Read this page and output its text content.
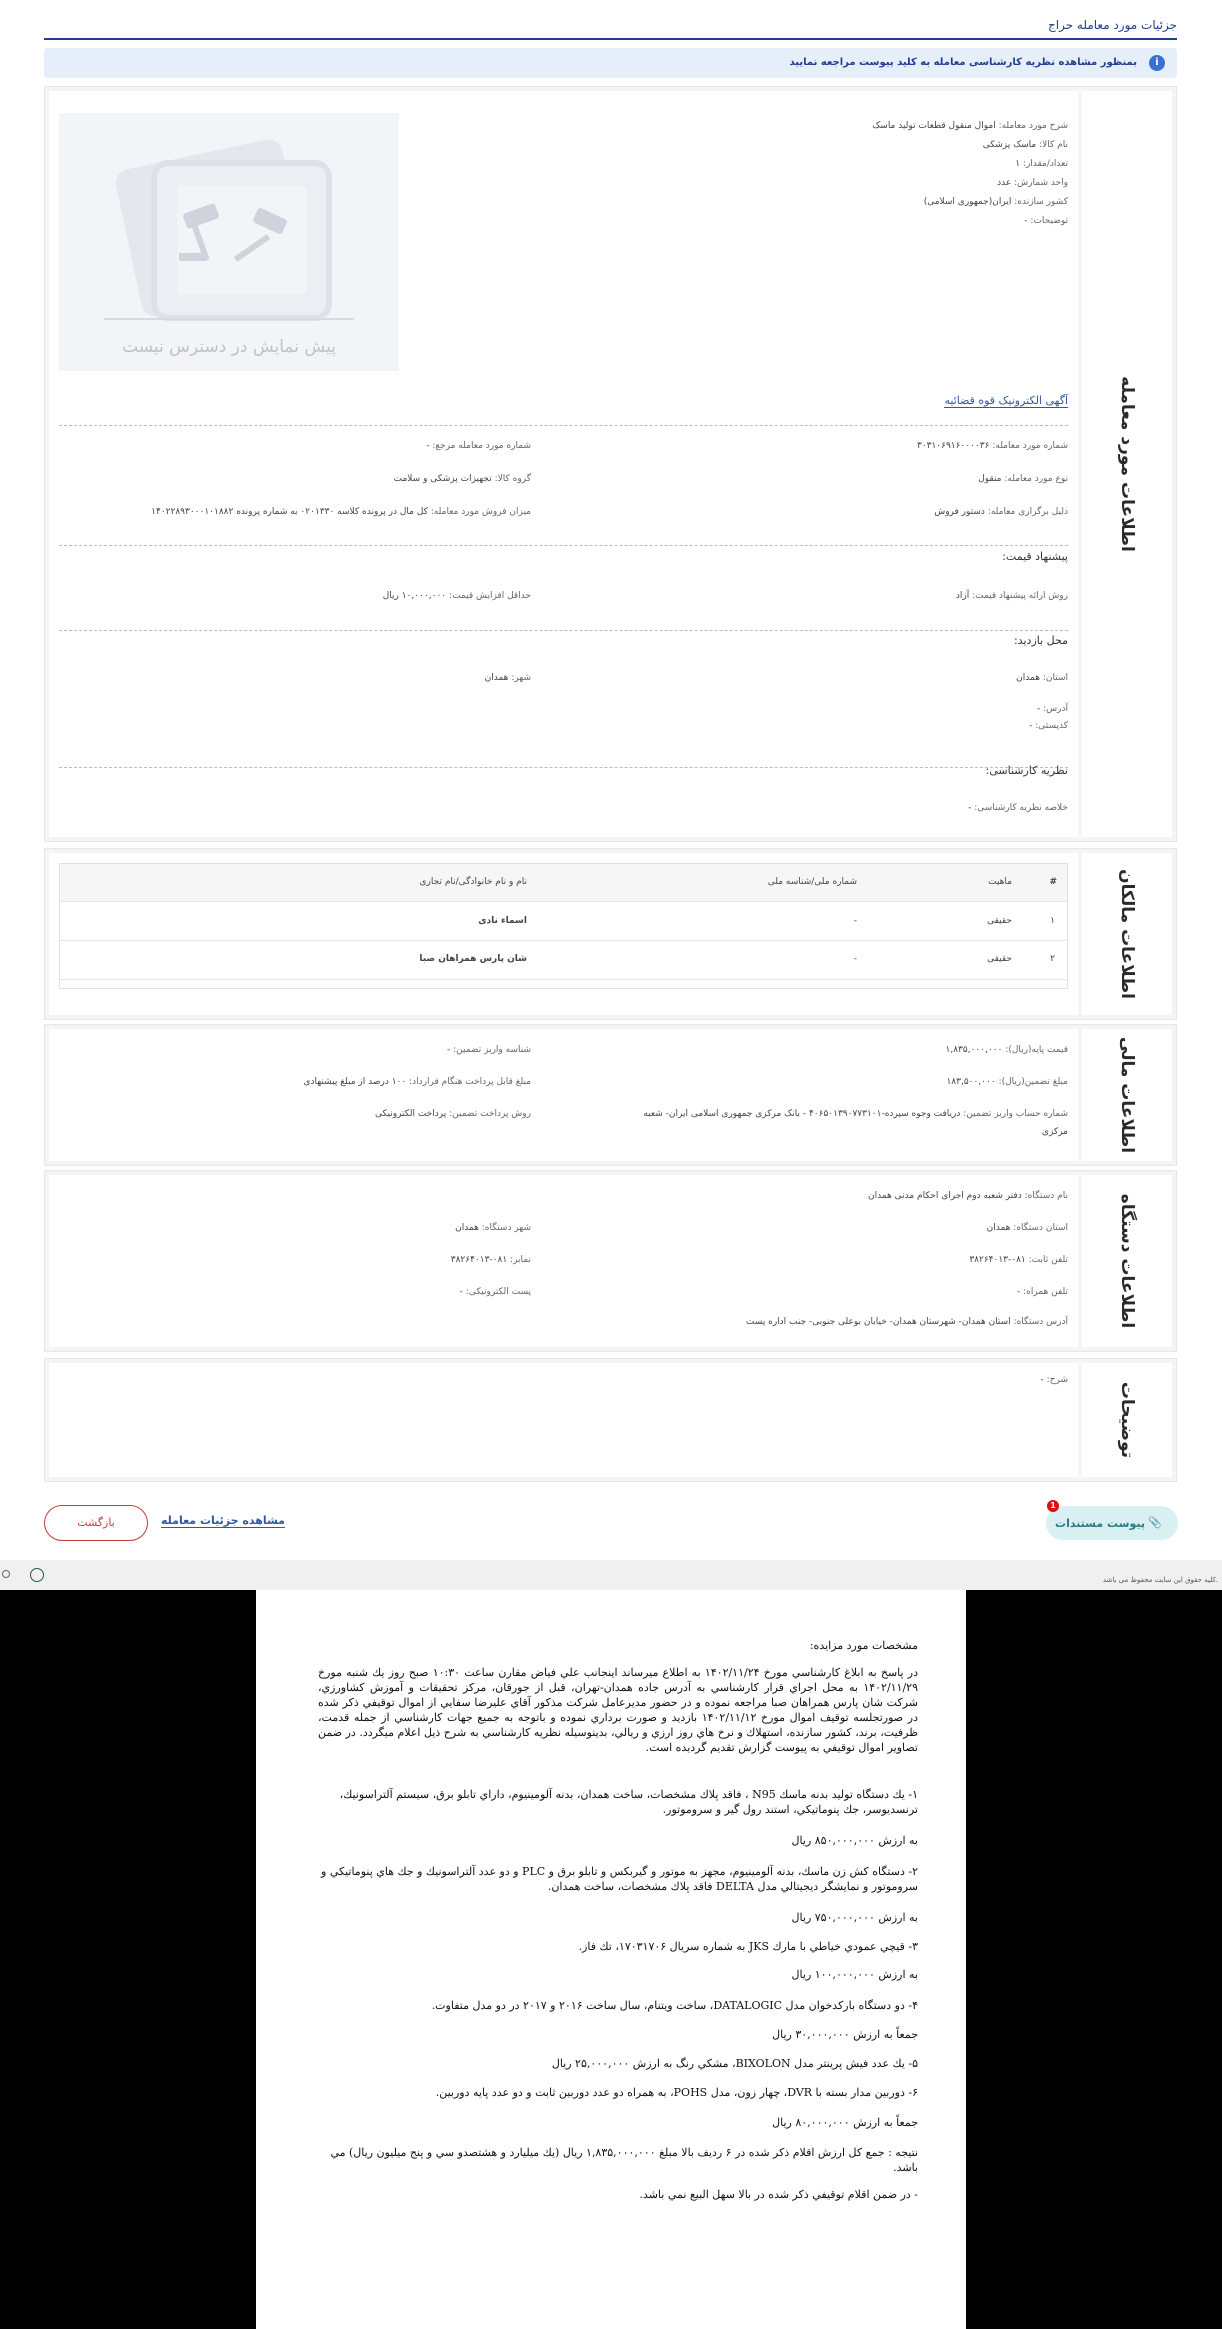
جزئیات مورد معامله حراج
i
بمنظور مشاهده نظریه کارشناسی معامله به کلید پیوست مراجعه نمایید
اطلاعات مورد معامله
شرح مورد معامله: اموال منقول قطعات تولید ماسک
نام کالا: ماسک پزشکی
تعداد/مقدار: ۱
واحد شمارش: عدد
کشور سازنده: ایران(جمهوری اسلامی)
توضیحات: -
پیش نمایش در دسترس نیست
آگهی الکترونیک قوه قضائیه
شماره مورد معامله: ۳۰۳۱۰۶۹۱۶۰۰۰۰۳۶
شماره مورد معامله مرجع: -
نوع مورد معامله: منقول
گروه کالا: تجهیزات پزشکی و سلامت
دلیل برگزاری معامله: دستور فروش
میزان فروش مورد معامله: کل مال در پرونده کلاسه ۰۲۰۱۳۳۰ به شماره پرونده ۱۴۰۲۲۸۹۳۰۰۰۱۰۱۸۸۲
پیشنهاد قیمت:
روش ارائه پیشنهاد قیمت: آزاد
حداقل افزایش قیمت: ۱۰,۰۰۰,۰۰۰ ریال
محل بازدید:
استان: همدان
شهر: همدان
آدرس: -
کدپستی: -
نظریه کارشناسی:
خلاصه نظریه کارشناسی: -
اطلاعات مالکان
#
ماهیت
شماره ملی/شناسه ملی
نام و نام خانوادگی/نام تجاری
۱
حقیقی
-
اسماء نادی
۲
حقیقی
-
شان پارس همراهان صبا
اطلاعات مالی
قیمت پایه(ریال): ۱,۸۳۵,۰۰۰,۰۰۰
شناسه واریز تضمین: -
مبلغ تضمین(ریال): ۱۸۳,۵۰۰,۰۰۰
مبلغ قابل پرداخت هنگام قرارداد: ۱۰۰ درصد از مبلغ پیشنهادی
شماره حساب واریز تضمین: دریافت وجوه سپرده-۴۰۶۵۰۱۳۹۰۷۷۳۱۰۱ - بانک مرکزی جمهوری اسلامی ایران- شعبه
مرکزی
روش پرداخت تضمین: پرداخت الکترونیکی
اطلاعات دستگاه
نام دستگاه: دفتر شعبه دوم اجرای احکام مدنی همدان
استان دستگاه: همدان
شهر دستگاه: همدان
تلفن ثابت: ۰۸۱-۳۸۲۶۴۰۱۳
نمابر: ۰۸۱-۳۸۲۶۴۰۱۳
تلفن همراه: -
پست الکترونیکی: -
آدرس دستگاه: استان همدان- شهرستان همدان- خیابان بوعلی جنوبی- جنب اداره پست
توضیحات
شرح: -
1
پیوست مستندات 📎
مشاهده جزئیات معامله
بازگشت
کلیه حقوق این سایت محفوظ می باشد.
مشخصات مورد مزایده:
در پاسخ به ابلاغ کارشناسي مورخ ۱۴۰۲/۱۱/۲۴ به اطلاع ميرساند اينجانب علي فياض مقارن ساعت ۱۰:۳۰ صبح روز يك شنبه مورخ ۱۴۰۲/۱۱/۲۹ به محل اجراي قرار كارشناسي به آدرس جاده همدان-تهران، قبل از جورقان، مركز تحقيقات و آموزش كشاورزي، شركت شان پارس همراهان صبا مراجعه نموده و در حضور مديرعامل شركت مذكور آقاي عليرضا سفايي از اموال توقيفي ذكر شده در صورتجلسه توقيف اموال مورخ ۱۴۰۲/۱۱/۱۲ بازديد و صورت برداري نموده و باتوجه به جميع جهات كارشناسي از جمله قدمت، ظرفيت، برند، كشور سازنده، استهلاك و نرخ هاي روز ارزي و ريالي، بدينوسيله نظريه كارشناسي به شرح ذيل اعلام ميگردد. در ضمن تصاوير اموال توقيفي به پيوست گزارش تقديم گرديده است.
۱- يك دستگاه توليد بدنه ماسك N95 ، فاقد پلاك مشخصات، ساخت همدان، بدنه آلومينيوم، داراي تابلو برق، سيستم آلتراسونيك، ترنسديوسر، جك پنوماتيكي، استند رول گير و سروموتور.
به ارزش ۸۵۰,۰۰۰,۰۰۰ ريال
۲- دستگاه كش زن ماسك، بدنه آلومينيوم، مجهز به موتور و گيربكس و تابلو برق و PLC و دو عدد آلتراسونيك و جك هاي پنوماتيكي و سروموتور و نمايشگر ديجيتالي مدل DELTA فاقد پلاك مشخصات، ساخت همدان.
به ارزش ۷۵۰,۰۰۰,۰۰۰ ريال
۳- قيچي عمودي خياطي با مارك JKS به شماره سريال ۱۷۰۳۱۷۰۶، تك فاز.
به ارزش ۱۰۰,۰۰۰,۰۰۰ ريال
۴- دو دستگاه باركدخوان مدل DATALOGIC، ساخت ويتنام، سال ساخت ۲۰۱۶ و ۲۰۱۷ در دو مدل متفاوت.
جمعاً به ارزش ۳۰,۰۰۰,۰۰۰ ريال
۵- يك عدد فيش پرينتر مدل BIXOLON، مشكي رنگ به ارزش ۲۵,۰۰۰,۰۰۰ ريال
۶- دوربين مدار بسته با DVR، چهار زون، مدل POHS، به همراه دو عدد دوربين ثابت و دو عدد پايه دوربين.
جمعاً به ارزش ۸۰,۰۰۰,۰۰۰ ريال
نتيجه : جمع كل ارزش اقلام ذكر شده در ۶ رديف بالا مبلغ ۱,۸۳۵,۰۰۰,۰۰۰ ريال (يك ميليارد و هشتصدو سي و پنج ميليون ريال) مي باشد.
- در ضمن اقلام توقيفي ذكر شده در بالا سهل البيع نمي باشد.
